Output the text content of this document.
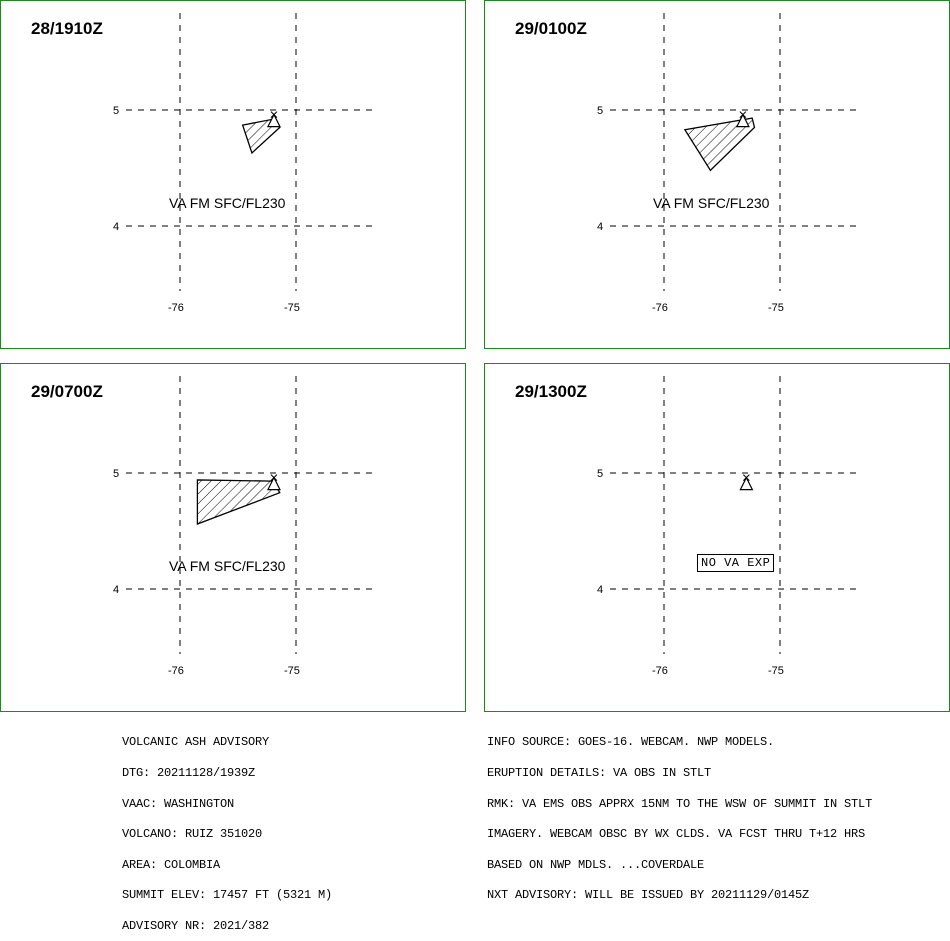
5
4
-76	-75
VA FM SFC/FL230
28/1910Z
5
4
-76	-75
VA FM SFC/FL230
29/0100Z
5
4
-76	-75
VA FM SFC/FL230
29/0700Z
5
4
-76	-75
29/1300Z
NO VA EXP

VOLCANIC ASH ADVISORY

DTG: 20211128/1939Z

VAAC: WASHINGTON

VOLCANO: RUIZ 351020

AREA: COLOMBIA

SUMMIT ELEV: 17457 FT (5321 M)

ADVISORY NR: 2021/382

INFO SOURCE: GOES-16. WEBCAM. NWP MODELS.

ERUPTION DETAILS: VA OBS IN STLT

RMK: VA EMS OBS APPRX 15NM TO THE WSW OF SUMMIT IN STLT

IMAGERY. WEBCAM OBSC BY WX CLDS. VA FCST THRU T+12 HRS

BASED ON NWP MDLS. ...COVERDALE

NXT ADVISORY: WILL BE ISSUED BY 20211129/0145Z
